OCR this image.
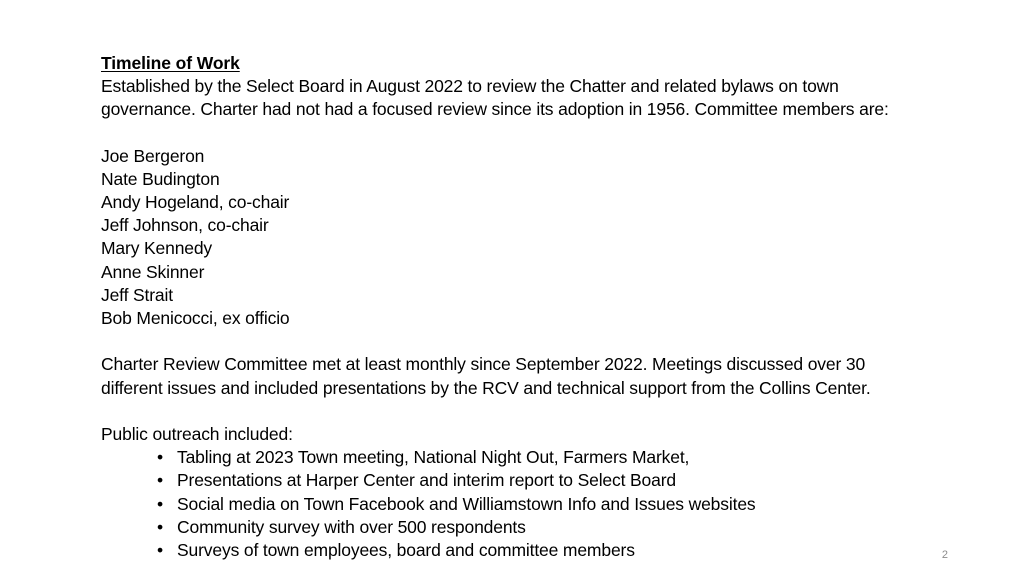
Timeline of Work
Established by the Select Board in August 2022 to review the Chatter and related bylaws on town governance. Charter had not had a focused review since its adoption in 1956. Committee members are:

Joe Bergeron
Nate Budington
Andy Hogeland, co-chair
Jeff Johnson, co-chair
Mary Kennedy
Anne Skinner
Jeff Strait
Bob Menicocci, ex officio

Charter Review Committee met at least monthly since September 2022. Meetings discussed over 30 different issues and included presentations by the RCV and technical support from the Collins Center.

Public outreach included:
• Tabling at 2023 Town meeting, National Night Out, Farmers Market,
• Presentations at Harper Center and interim report to Select Board
• Social media on Town Facebook and Williamstown Info and Issues websites
• Community survey with over 500 respondents
• Surveys of town employees, board and committee members	2
